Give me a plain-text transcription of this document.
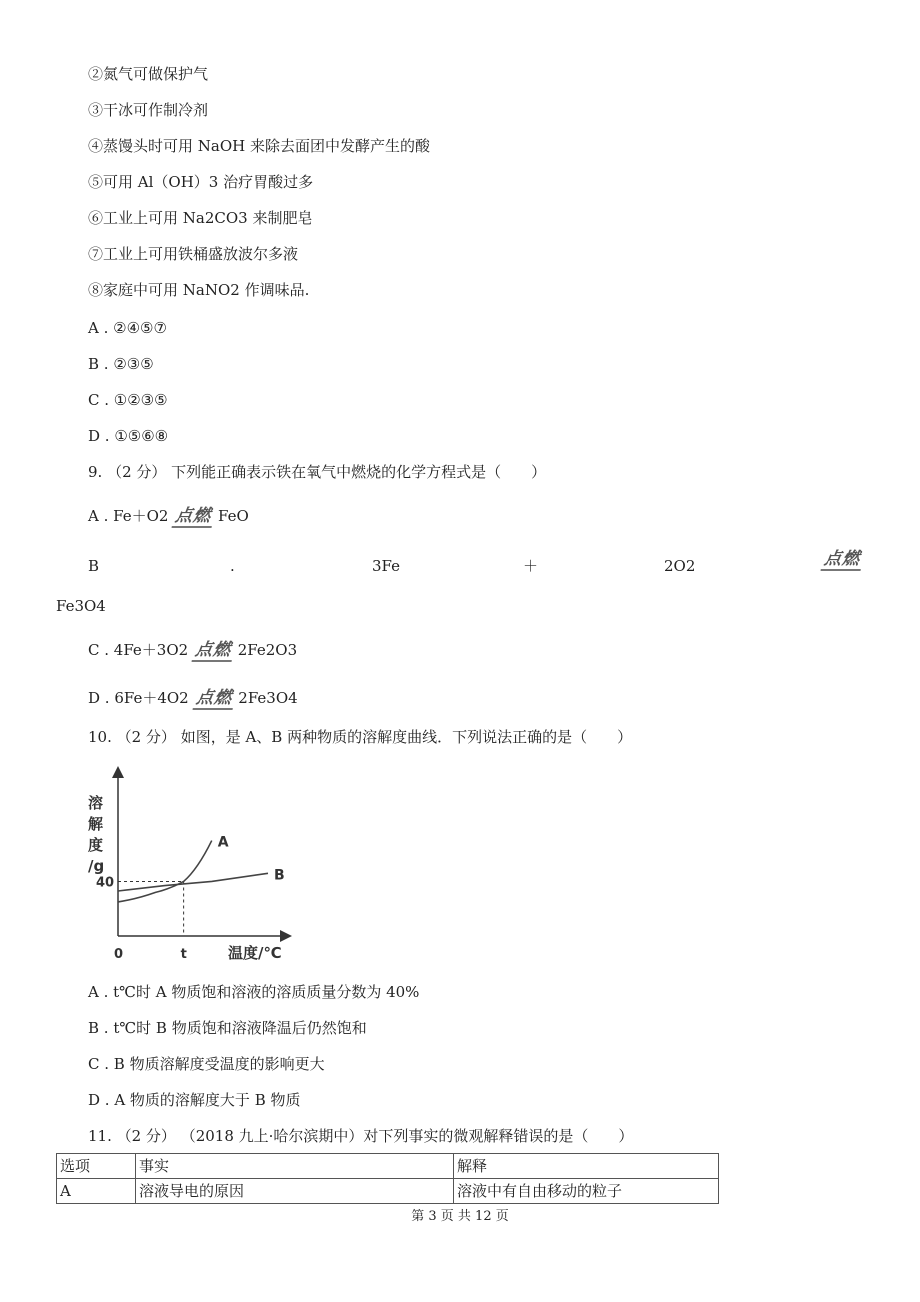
②氮气可做保护气
③干冰可作制冷剂
④蒸馒头时可用 NaOH 来除去面团中发酵产生的酸
⑤可用 Al（OH）3 治疗胃酸过多
⑥工业上可用 Na2CO3 来制肥皂
⑦工业上可用铁桶盛放波尔多液
⑧家庭中可用 NaNO2 作调味品.
A . ②④⑤⑦
B . ②③⑤
C . ①②③⑤
D . ①⑤⑥⑧
9. （2 分） 下列能正确表示铁在氧气中燃烧的化学方程式是（　　）
A . Fe＋O2 点燃 FeO
B	.	3Fe	＋	2O2	点燃
Fe3O4
C . 4Fe＋3O2 点燃 2Fe2O3
D . 6Fe＋4O2 点燃 2Fe3O4
10. （2 分） 如图，是 A、B 两种物质的溶解度曲线．下列说法正确的是（　　）
溶
解
度
/g
温度/℃
0	t
40
A
B
A . t℃时 A 物质饱和溶液的溶质质量分数为 40%
B . t℃时 B 物质饱和溶液降温后仍然饱和
C . B 物质溶解度受温度的影响更大
D . A 物质的溶解度大于 B 物质
11. （2 分） （2018 九上·哈尔滨期中）对下列事实的微观解释错误的是（　　）
选项	事实	解释
A	溶液导电的原因	溶液中有自由移动的粒子
第 3 页 共 12 页
